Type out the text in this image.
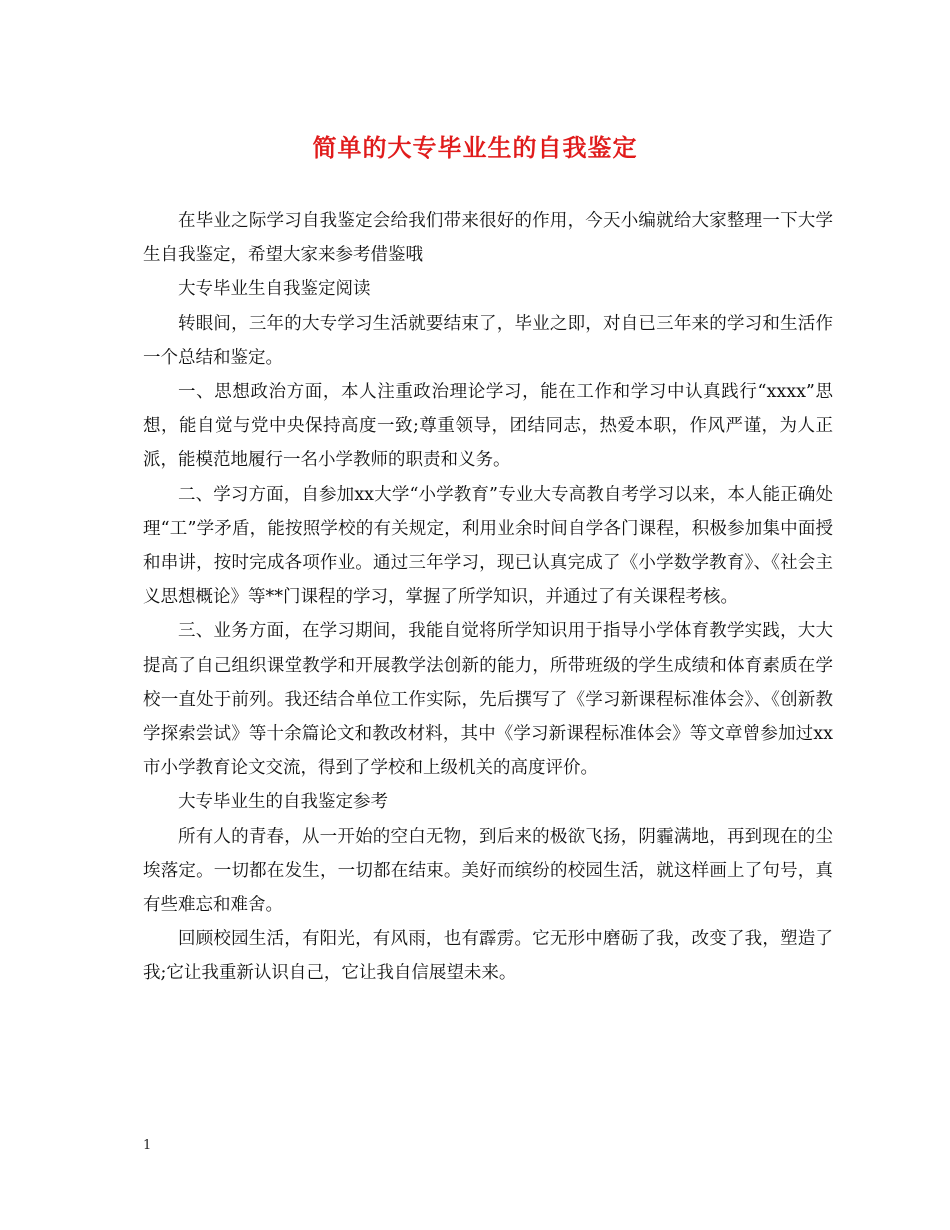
简单的大专毕业生的自我鉴定

在毕业之际学习自我鉴定会给我们带来很好的作用，今天小编就给大家整理一下大学生自我鉴定，希望大家来参考借鉴哦

大专毕业生自我鉴定阅读

转眼间，三年的大专学习生活就要结束了，毕业之即，对自已三年来的学习和生活作一个总结和鉴定。

一、思想政治方面，本人注重政治理论学习，能在工作和学习中认真践行“xxxx”思想，能自觉与党中央保持高度一致;尊重领导，团结同志，热爱本职，作风严谨，为人正派，能模范地履行一名小学教师的职责和义务。

二、学习方面，自参加xx大学“小学教育”专业大专高教自考学习以来，本人能正确处理“工”学矛盾，能按照学校的有关规定，利用业余时间自学各门课程，积极参加集中面授和串讲，按时完成各项作业。通过三年学习，现已认真完成了《小学数学教育》、《社会主义思想概论》等**门课程的学习，掌握了所学知识，并通过了有关课程考核。

三、业务方面，在学习期间，我能自觉将所学知识用于指导小学体育教学实践，大大提高了自己组织课堂教学和开展教学法创新的能力，所带班级的学生成绩和体育素质在学校一直处于前列。我还结合单位工作实际，先后撰写了《学习新课程标准体会》、《创新教学探索尝试》等十余篇论文和教改材料，其中《学习新课程标准体会》等文章曾参加过xx市小学教育论文交流，得到了学校和上级机关的高度评价。

大专毕业生的自我鉴定参考

所有人的青春，从一开始的空白无物，到后来的极欲飞扬，阴霾满地，再到现在的尘埃落定。一切都在发生，一切都在结束。美好而缤纷的校园生活，就这样画上了句号，真有些难忘和难舍。

回顾校园生活，有阳光，有风雨，也有霹雳。它无形中磨砺了我，改变了我，塑造了我;它让我重新认识自己，它让我自信展望未来。

1
